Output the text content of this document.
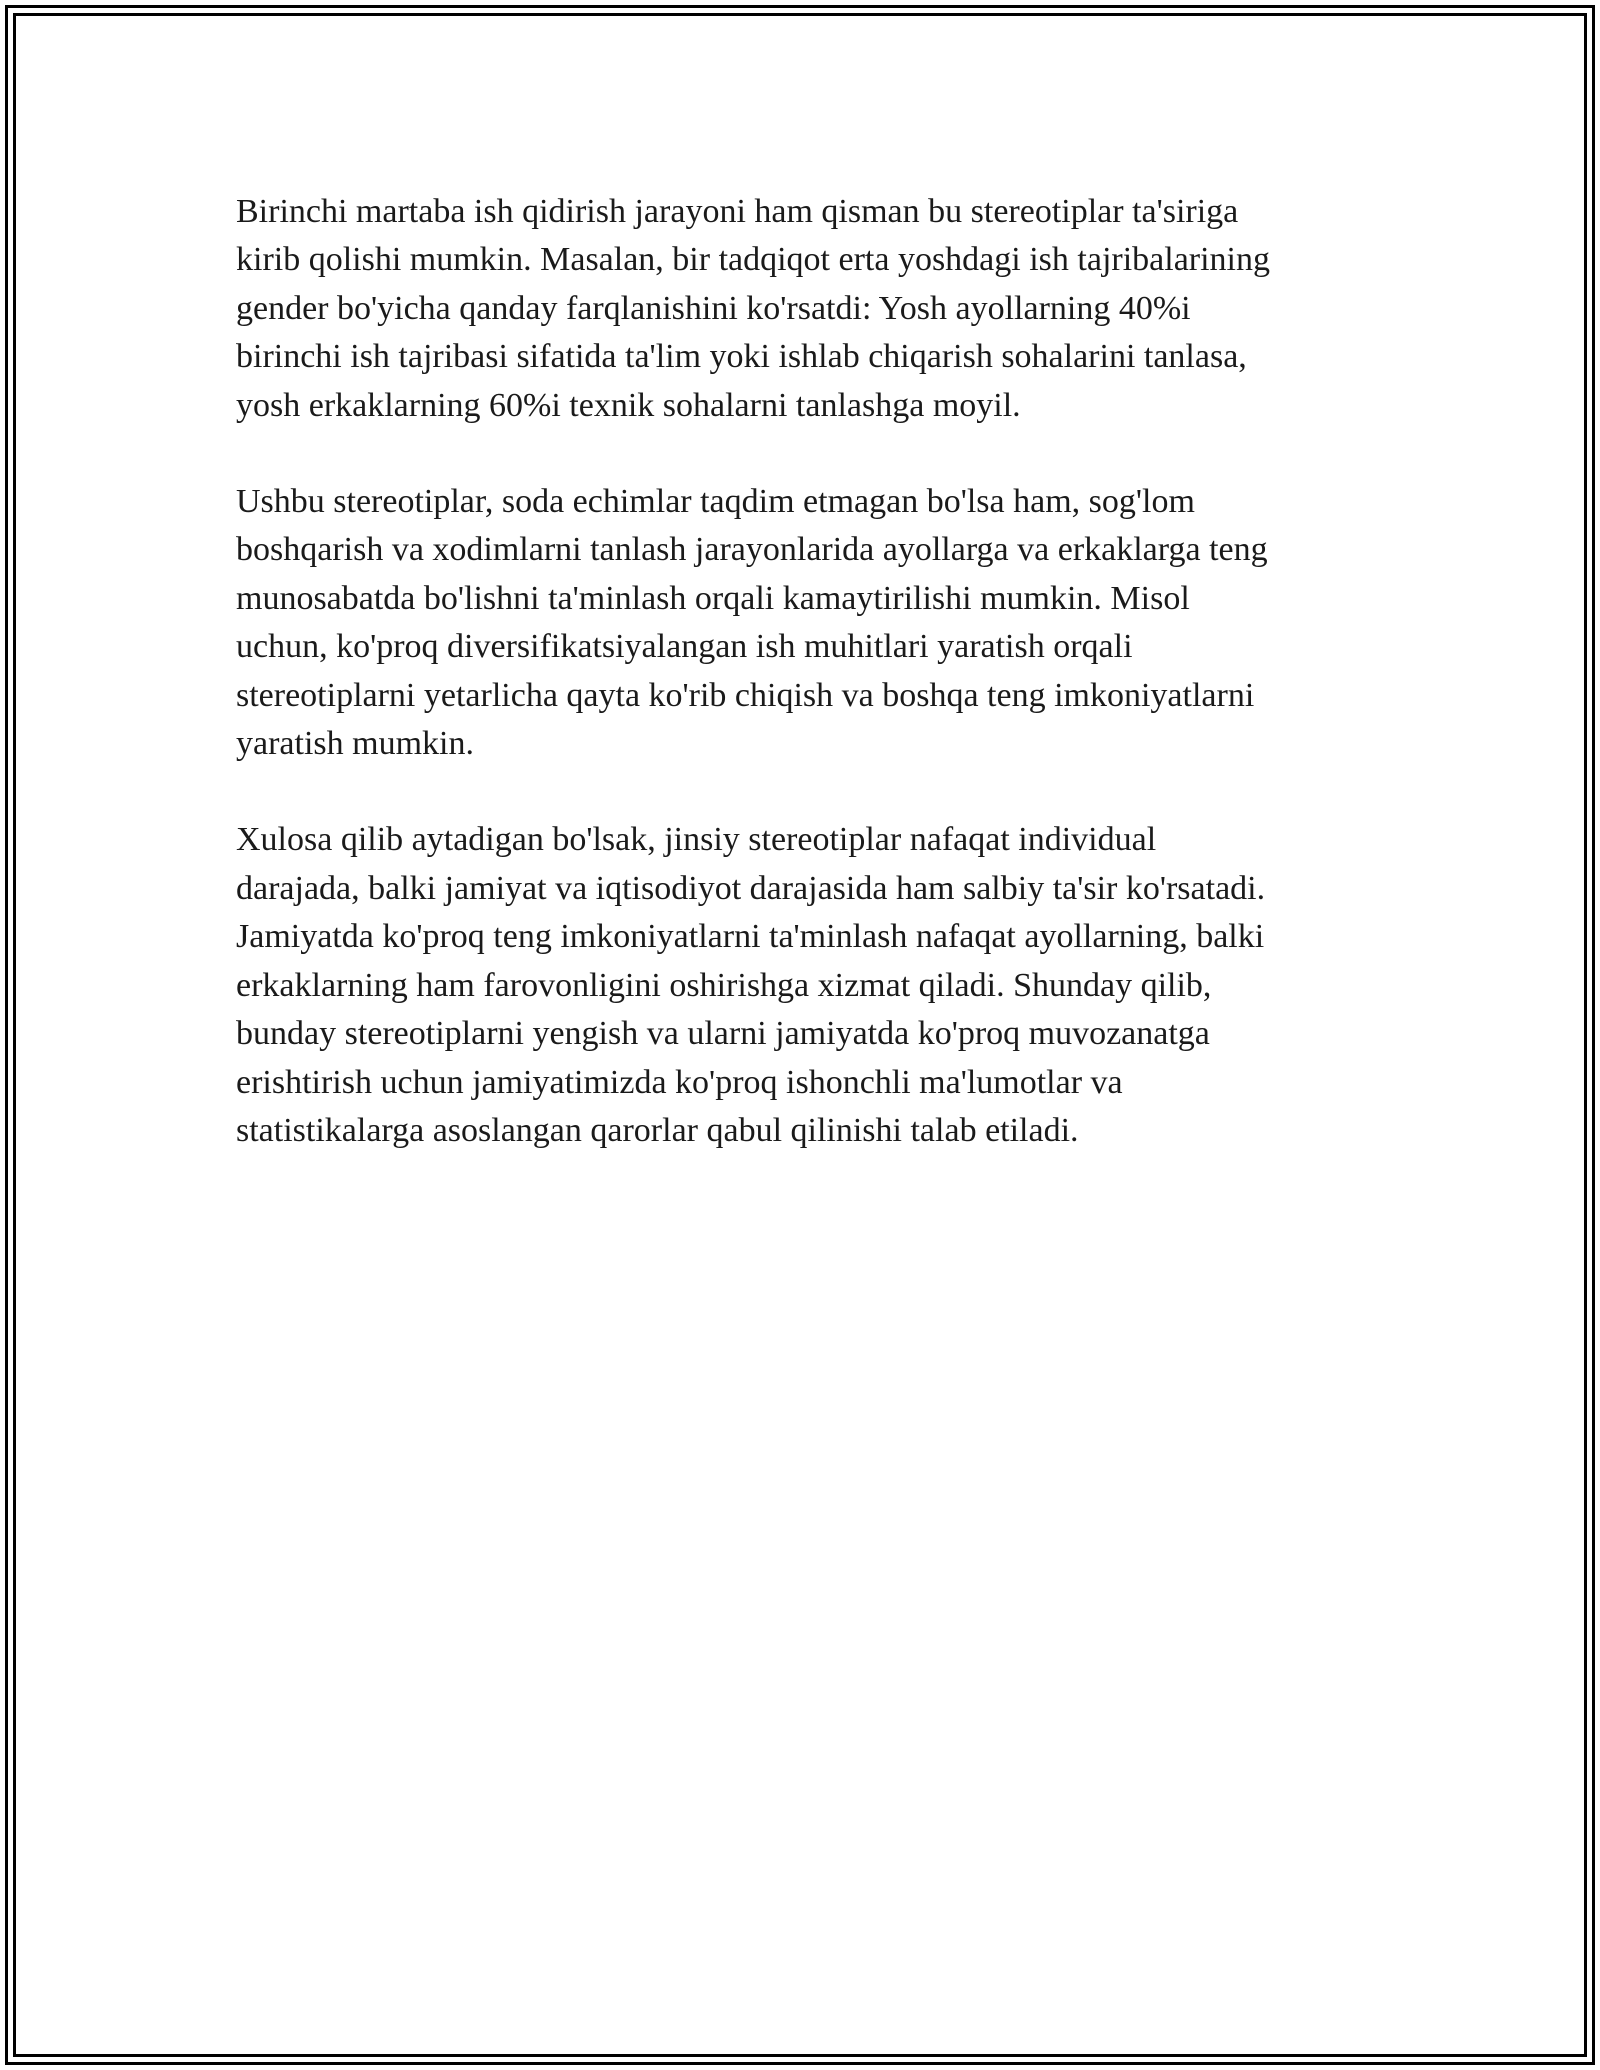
Birinchi martaba ish qidirish jarayoni ham qisman bu stereotiplar ta'siriga
kirib qolishi mumkin. Masalan, bir tadqiqot erta yoshdagi ish tajribalarining
gender bo'yicha qanday farqlanishini ko'rsatdi: Yosh ayollarning 40%i
birinchi ish tajribasi sifatida ta'lim yoki ishlab chiqarish sohalarini tanlasa,
yosh erkaklarning 60%i texnik sohalarni tanlashga moyil.

Ushbu stereotiplar, soda echimlar taqdim etmagan bo'lsa ham, sog'lom
boshqarish va xodimlarni tanlash jarayonlarida ayollarga va erkaklarga teng
munosabatda bo'lishni ta'minlash orqali kamaytirilishi mumkin. Misol
uchun, ko'proq diversifikatsiyalangan ish muhitlari yaratish orqali
stereotiplarni yetarlicha qayta ko'rib chiqish va boshqa teng imkoniyatlarni
yaratish mumkin.

Xulosa qilib aytadigan bo'lsak, jinsiy stereotiplar nafaqat individual
darajada, balki jamiyat va iqtisodiyot darajasida ham salbiy ta'sir ko'rsatadi.
Jamiyatda ko'proq teng imkoniyatlarni ta'minlash nafaqat ayollarning, balki
erkaklarning ham farovonligini oshirishga xizmat qiladi. Shunday qilib,
bunday stereotiplarni yengish va ularni jamiyatda ko'proq muvozanatga
erishtirish uchun jamiyatimizda ko'proq ishonchli ma'lumotlar va
statistikalarga asoslangan qarorlar qabul qilinishi talab etiladi.
